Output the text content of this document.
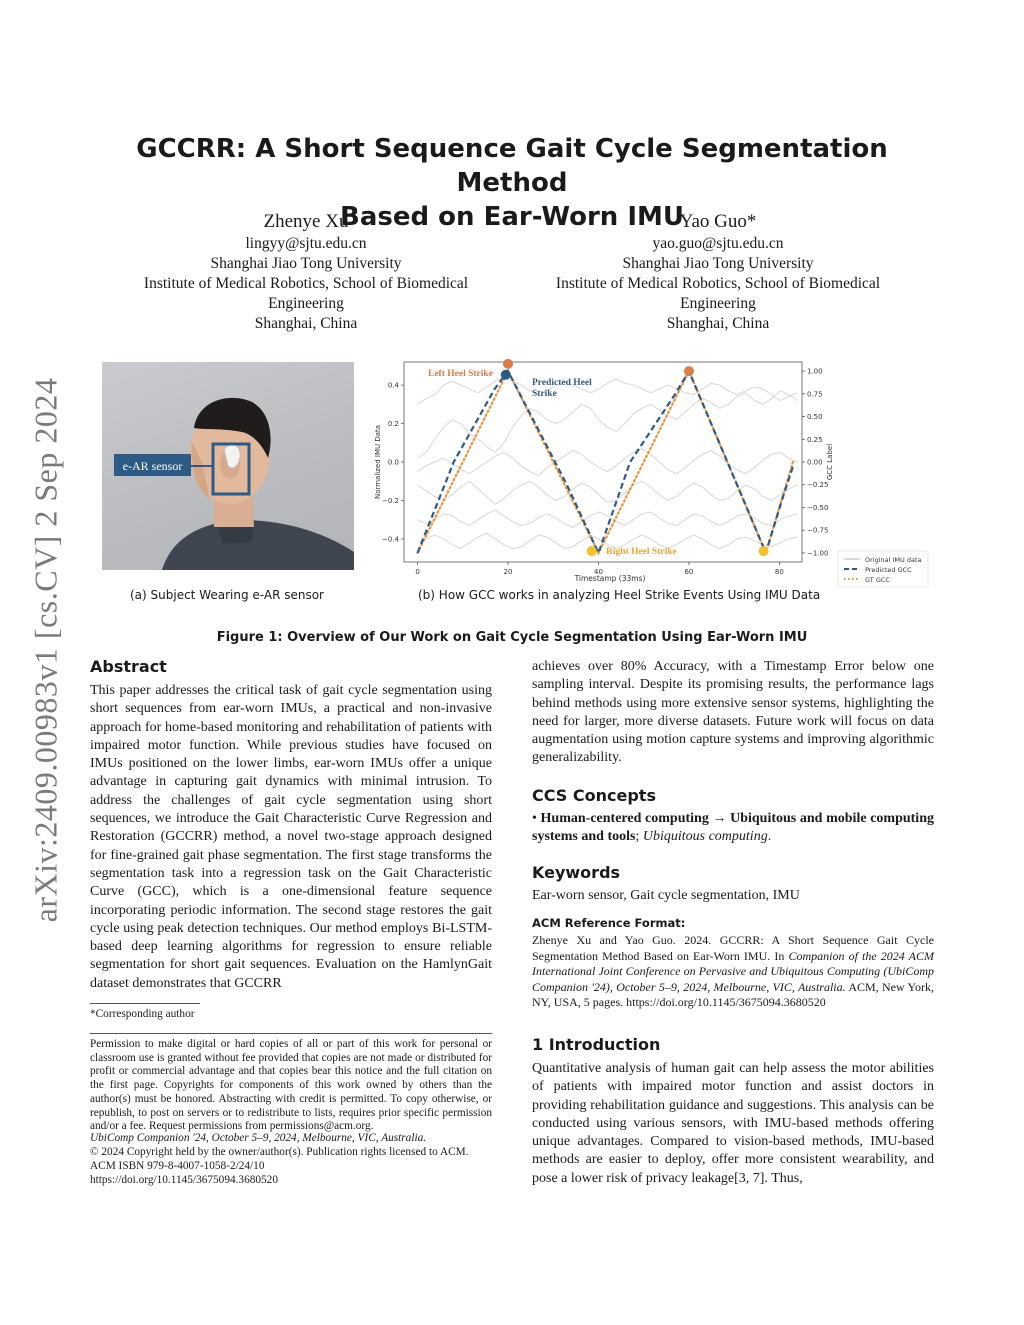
arXiv:2409.00983v1 [cs.CV] 2 Sep 2024
GCCRR: A Short Sequence Gait Cycle Segmentation Method
Based on Ear-Worn IMU
Zhenye Xu
lingyy@sjtu.edu.cn
Shanghai Jiao Tong University
Institute of Medical Robotics, School of Biomedical
Engineering
Shanghai, China
Yao Guo*
yao.guo@sjtu.edu.cn
Shanghai Jiao Tong University
Institute of Medical Robotics, School of Biomedical
Engineering
Shanghai, China
e-AR sensor
(a) Subject Wearing e-AR sensor
0	20	40	60	80
0.4
0.2
0.0
−0.2
−0.4
1.00
0.75
0.50
0.25
0.00
−0.25
−0.50
−0.75
−1.00
Left Heel Strike
Predicted Heel
Strike
Right Heel Strike
Timestamp (33ms)
Normalized IMU Data	GCC Label
Original IMU data
Predicted GCC
GT GCC
(b) How GCC works in analyzing Heel Strike Events Using IMU Data
Figure 1: Overview of Our Work on Gait Cycle Segmentation Using Ear-Worn IMU
Abstract

This paper addresses the critical task of gait cycle segmentation using short sequences from ear-worn IMUs, a practical and non-invasive approach for home-based monitoring and rehabilitation of patients with impaired motor function. While previous studies have focused on IMUs positioned on the lower limbs, ear-worn IMUs offer a unique advantage in capturing gait dynamics with minimal intrusion. To address the challenges of gait cycle segmentation using short sequences, we introduce the Gait Characteristic Curve Regression and Restoration (GCCRR) method, a novel two-stage approach designed for fine-grained gait phase segmentation. The first stage transforms the segmentation task into a regression task on the Gait Characteristic Curve (GCC), which is a one-dimensional feature sequence incorporating periodic information. The second stage restores the gait cycle using peak detection techniques. Our method employs Bi-LSTM-based deep learning algorithms for regression to ensure reliable segmentation for short gait sequences. Evaluation on the HamlynGait dataset demonstrates that GCCRR

*Corresponding author

Permission to make digital or hard copies of all or part of this work for personal or classroom use is granted without fee provided that copies are not made or distributed for profit or commercial advantage and that copies bear this notice and the full citation on the first page. Copyrights for components of this work owned by others than the author(s) must be honored. Abstracting with credit is permitted. To copy otherwise, or republish, to post on servers or to redistribute to lists, requires prior specific permission and/or a fee. Request permissions from permissions@acm.org.

UbiComp Companion '24, October 5–9, 2024, Melbourne, VIC, Australia.

© 2024 Copyright held by the owner/author(s). Publication rights licensed to ACM.

ACM ISBN 979-8-4007-1058-2/24/10

https://doi.org/10.1145/3675094.3680520

achieves over 80% Accuracy, with a Timestamp Error below one sampling interval. Despite its promising results, the performance lags behind methods using more extensive sensor systems, highlighting the need for larger, more diverse datasets. Future work will focus on data augmentation using motion capture systems and improving algorithmic generalizability.

CCS Concepts

• Human-centered computing → Ubiquitous and mobile computing systems and tools; Ubiquitous computing.

Keywords

Ear-worn sensor, Gait cycle segmentation, IMU

ACM Reference Format:

Zhenye Xu and Yao Guo. 2024. GCCRR: A Short Sequence Gait Cycle Segmentation Method Based on Ear-Worn IMU. In Companion of the 2024 ACM International Joint Conference on Pervasive and Ubiquitous Computing (UbiComp Companion '24), October 5–9, 2024, Melbourne, VIC, Australia. ACM, New York, NY, USA, 5 pages. https://doi.org/10.1145/3675094.3680520

1 Introduction

Quantitative analysis of human gait can help assess the motor abilities of patients with impaired motor function and assist doctors in providing rehabilitation guidance and suggestions. This analysis can be conducted using various sensors, with IMU-based methods offering unique advantages. Compared to vision-based methods, IMU-based methods are easier to deploy, offer more consistent wearability, and pose a lower risk of privacy leakage[3, 7]. Thus,
